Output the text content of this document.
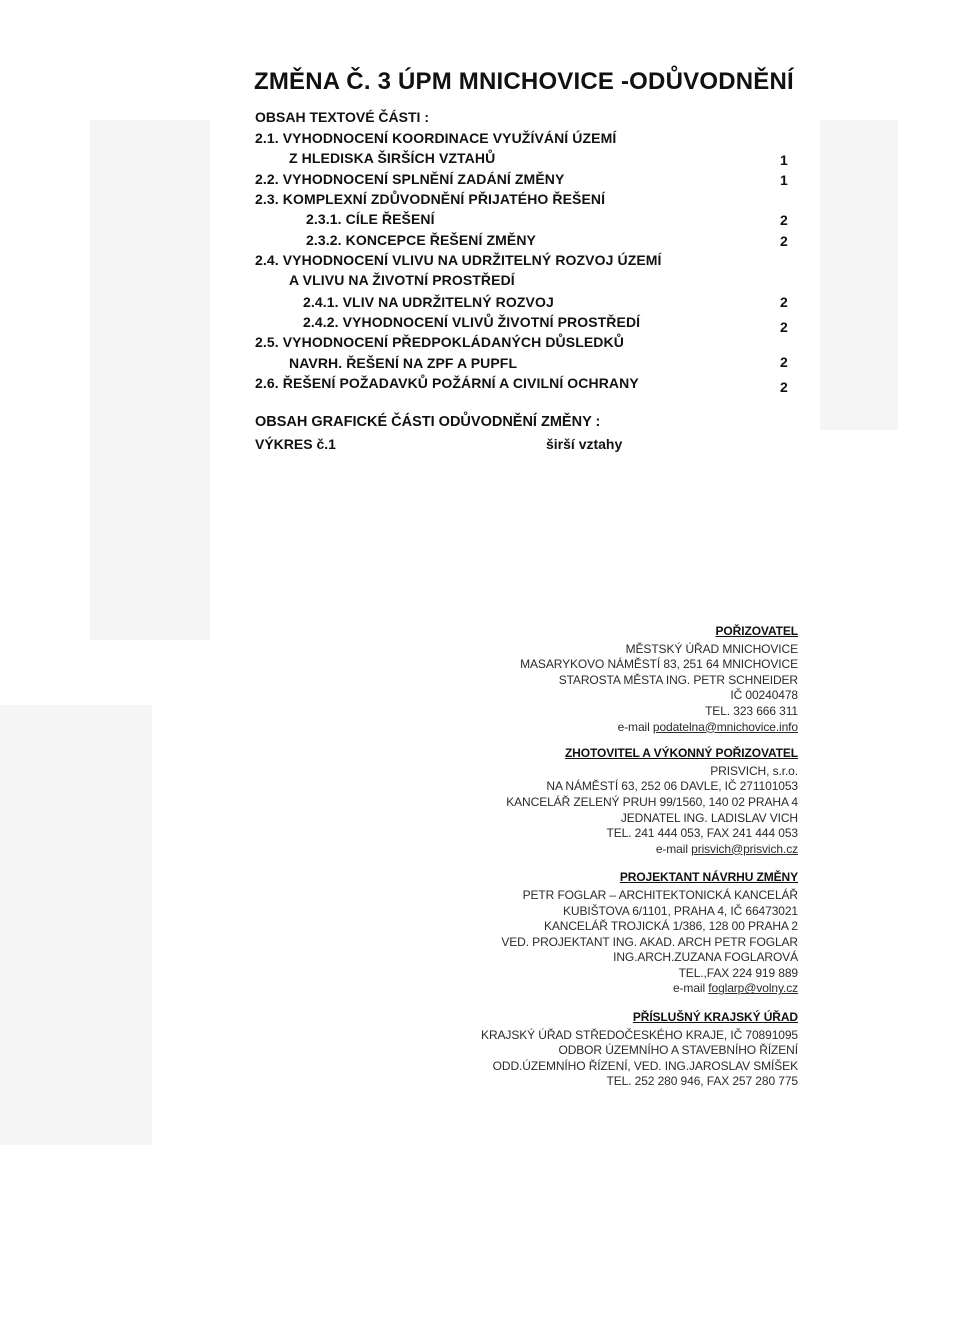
ZMĚNA Č. 3 ÚPM MNICHOVICE -ODŮVODNĚNÍ
OBSAH TEXTOVÉ ČÁSTI :
2.1. VYHODNOCENÍ KOORDINACE VYUŽÍVÁNÍ ÚZEMÍ
Z HLEDISKA ŠIRŠÍCH VZTAHŮ	1
2.2. VYHODNOCENÍ SPLNĚNÍ ZADÁNÍ ZMĚNY	1
2.3. KOMPLEXNÍ ZDŮVODNĚNÍ PŘIJATÉHO ŘEŠENÍ
2.3.1. CÍLE ŘEŠENÍ	2
2.3.2. KONCEPCE ŘEŠENÍ ZMĚNY	2
2.4. VYHODNOCENÍ VLIVU NA UDRŽITELNÝ ROZVOJ ÚZEMÍ
A VLIVU NA ŽIVOTNÍ PROSTŘEDÍ
2.4.1. VLIV NA UDRŽITELNÝ ROZVOJ	2
2.4.2. VYHODNOCENÍ VLIVŮ ŽIVOTNÍ PROSTŘEDÍ	2
2.5. VYHODNOCENÍ PŘEDPOKLÁDANÝCH DŮSLEDKŮ
NAVRH. ŘEŠENÍ NA ZPF A PUPFL	2
2.6. ŘEŠENÍ POŽADAVKŮ POŽÁRNÍ A CIVILNÍ OCHRANY	2
OBSAH GRAFICKÉ ČÁSTI ODŮVODNĚNÍ ZMĚNY :
VÝKRES č.1	širší vztahy
POŘIZOVATEL
MĚSTSKÝ ÚŘAD MNICHOVICE
MASARYKOVO NÁMĚSTÍ 83, 251 64 MNICHOVICE
STAROSTA MĚSTA ING. PETR SCHNEIDER
IČ 00240478
TEL. 323 666 311
e-mail podatelna@mnichovice.info
ZHOTOVITEL A VÝKONNÝ POŘIZOVATEL
PRISVICH, s.r.o.
NA NÁMĚSTÍ 63, 252 06 DAVLE, IČ 271101053
KANCELÁŘ ZELENÝ PRUH 99/1560, 140 02 PRAHA 4
JEDNATEL ING. LADISLAV VICH
TEL. 241 444 053, FAX 241 444 053
e-mail prisvich@prisvich.cz
PROJEKTANT NÁVRHU ZMĚNY
PETR FOGLAR – ARCHITEKTONICKÁ KANCELÁŘ
KUBIŠTOVA 6/1101, PRAHA 4, IČ 66473021
KANCELÁŘ TROJICKÁ 1/386, 128 00 PRAHA 2
VED. PROJEKTANT ING. AKAD. ARCH PETR FOGLAR
ING.ARCH.ZUZANA FOGLAROVÁ
TEL.,FAX 224 919 889
e-mail foglarp@volny.cz
PŘÍSLUŠNÝ KRAJSKÝ ÚŘAD
KRAJSKÝ ÚŘAD STŘEDOČESKÉHO KRAJE, IČ 70891095
ODBOR ÚZEMNÍHO A STAVEBNÍHO ŘÍZENÍ
ODD.ÚZEMNÍHO ŘÍZENÍ, VED. ING.JAROSLAV SMÍŠEK
TEL. 252 280 946, FAX 257 280 775
